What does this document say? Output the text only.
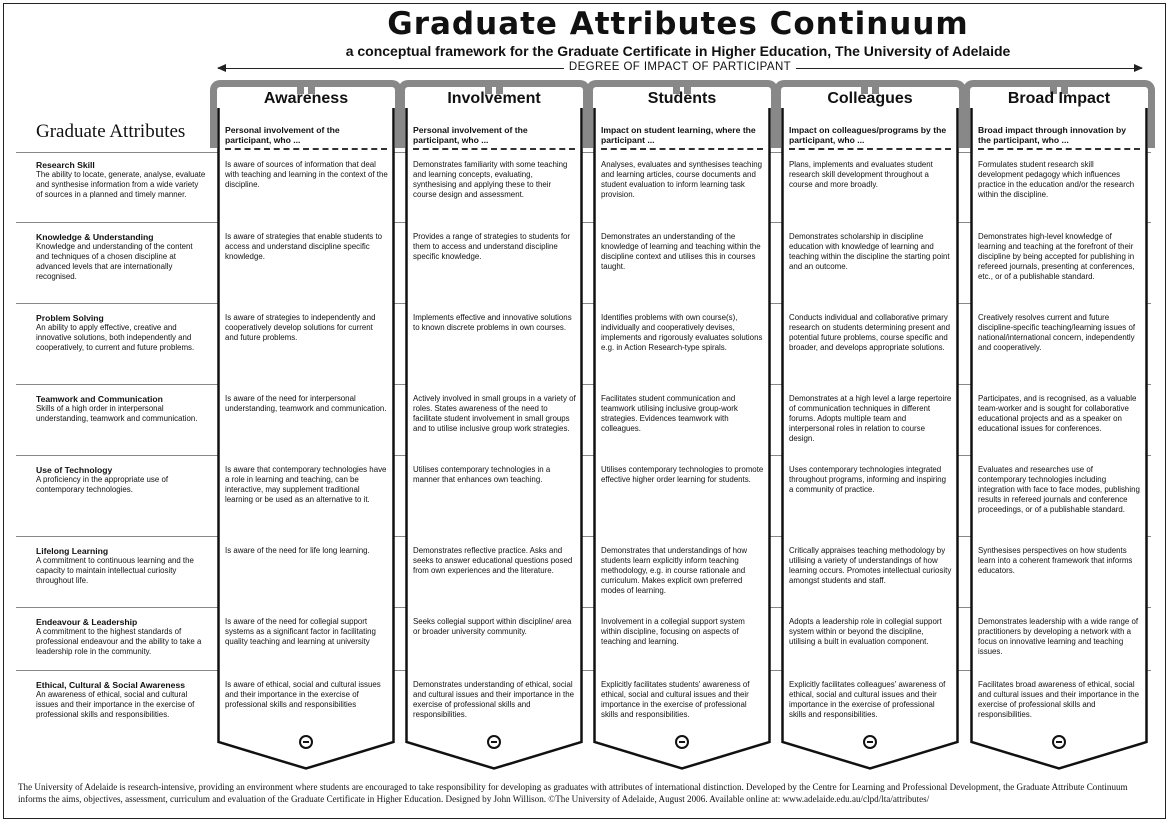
Graduate Attributes Continuum
a conceptual framework for the Graduate Certificate in Higher Education, The University of Adelaide
DEGREE OF IMPACT OF PARTICIPANT
Graduate Attributes
Research Skill
The ability to locate, generate, analyse, evaluate and synthesise information from a wide variety of sources in a planned and timely manner.
Knowledge & Understanding
Knowledge and understanding of the content and techniques of a chosen discipline at advanced levels that are internationally recognised.
Problem Solving
An ability to apply effective, creative and innovative solutions, both independently and cooperatively, to current and future problems.
Teamwork and Communication
Skills of a high order in interpersonal understanding, teamwork and communication.
Use of Technology
A proficiency in the appropriate use of contemporary technologies.
Lifelong Learning
A commitment to continuous learning and the capacity to maintain intellectual curiosity throughout life.
Endeavour & Leadership
A commitment to the highest standards of professional endeavour and the ability to take a leadership role in the community.
Ethical, Cultural & Social Awareness
An awareness of ethical, social and cultural issues and their importance in the exercise of professional skills and responsibilities.
Awareness
Personal involvement of the participant, who ...
Is aware of sources of information that deal with teaching and learning in the context of the discipline.
Is aware of strategies that enable students to access and understand discipline specific knowledge.
Is aware of strategies to independently and cooperatively develop solutions for current and future problems.
Is aware of the need for interpersonal understanding, teamwork and communication.
Is aware that contemporary technologies have a role in learning and teaching, can be interactive, may supplement traditional learning or be used as an alternative to it.
Is aware of the need for life long learning.
Is aware of the need for collegial support systems as a significant factor in facilitating quality teaching and learning at university
Is aware of ethical, social and cultural issues and their importance in the exercise of professional skills and responsibilities
Involvement
Personal involvement of the participant, who ...
Demonstrates familiarity with some teaching and learning concepts, evaluating, synthesising and applying these to their course design and assessment.
Provides a range of strategies to students for them to access and understand discipline specific knowledge.
Implements effective and innovative solutions to known discrete problems in own courses.
Actively involved in small groups in a variety of roles. States awareness of the need to facilitate student involvement in small groups and to utilise inclusive group work strategies.
Utilises contemporary technologies in a manner that enhances own teaching.
Demonstrates reflective practice. Asks and seeks to answer educational questions posed from own experiences and the literature.
Seeks collegial support within discipline/ area or broader university community.
Demonstrates understanding of ethical, social and cultural issues and their importance in the exercise of professional skills and responsibilities.
Students
Impact on student learning, where the participant ...
Analyses, evaluates and synthesises teaching and learning articles, course documents and student evaluation to inform learning task provision.
Demonstrates an understanding of the knowledge of learning and teaching within the discipline context and utilises this in courses taught.
Identifies problems with own course(s), individually and cooperatively devises, implements and rigorously evaluates solutions e.g. in Action Research-type spirals.
Facilitates student communication and teamwork utilising inclusive group-work strategies. Evidences teamwork with colleagues.
Utilises contemporary technologies to promote effective higher order learning for students.
Demonstrates that understandings of how students learn explicitly inform teaching methodology, e.g. in course rationale and curriculum. Makes explicit own preferred modes of learning.
Involvement in a collegial support system within discipline, focusing on aspects of teaching and learning.
Explicitly facilitates students' awareness of ethical, social and cultural issues and their importance in the exercise of professional skills and responsibilities.
Colleagues
Impact on colleagues/programs by the participant, who ...
Plans, implements and evaluates student research skill development throughout a course and more broadly.
Demonstrates scholarship in discipline education with knowledge of learning and teaching within the discipline the starting point and an outcome.
Conducts individual and collaborative primary research on students determining present and potential future problems, course specific and broader, and develops appropriate solutions.
Demonstrates at a high level a large repertoire of communication techniques in different forums. Adopts multiple team and interpersonal roles in relation to course design.
Uses contemporary technologies integrated throughout programs, informing and inspiring a community of practice.
Critically appraises teaching methodology by utilising a variety of understandings of how learning occurs. Promotes intellectual curiosity amongst students and staff.
Adopts a leadership role in collegial support system within or beyond the discipline, utilising a built in evaluation component.
Explicitly facilitates colleagues' awareness of ethical, social and cultural issues and their importance in the exercise of professional skills and responsibilities.
Broad Impact
Broad impact through innovation by the participant, who ...
Formulates student research skill development pedagogy which influences practice in the education and/or the research within the discipline.
Demonstrates high-level knowledge of learning and teaching at the forefront of their discipline by being accepted for publishing in refereed journals, presenting at conferences, etc., or of a publishable standard.
Creatively resolves current and future discipline-specific teaching/learning issues of national/international concern, independently and cooperatively.
Participates, and is recognised, as a valuable team-worker and is sought for collaborative educational projects and as a speaker on educational issues for conferences.
Evaluates and researches use of contemporary technologies including integration with face to face modes, publishing results in refereed journals and conference proceedings, or of a publishable standard.
Synthesises perspectives on how students learn into a coherent framework that informs educators.
Demonstrates leadership with a wide range of practitioners by developing a network with a focus on innovative learning and teaching issues.
Facilitates broad awareness of ethical, social and cultural issues and their importance in the exercise of professional skills and responsibilities.
The University of Adelaide is research-intensive, providing an environment where students are encouraged to take responsibility for developing as graduates with attributes of international distinction. Developed by the Centre for Learning and Professional Development, the Graduate Attribute Continuum informs the aims, objectives, assessment, curriculum and evaluation of the Graduate Certificate in Higher Education. Designed by John Willison. ©The University of Adelaide, August 2006. Available online at: www.adelaide.edu.au/clpd/lta/attributes/
